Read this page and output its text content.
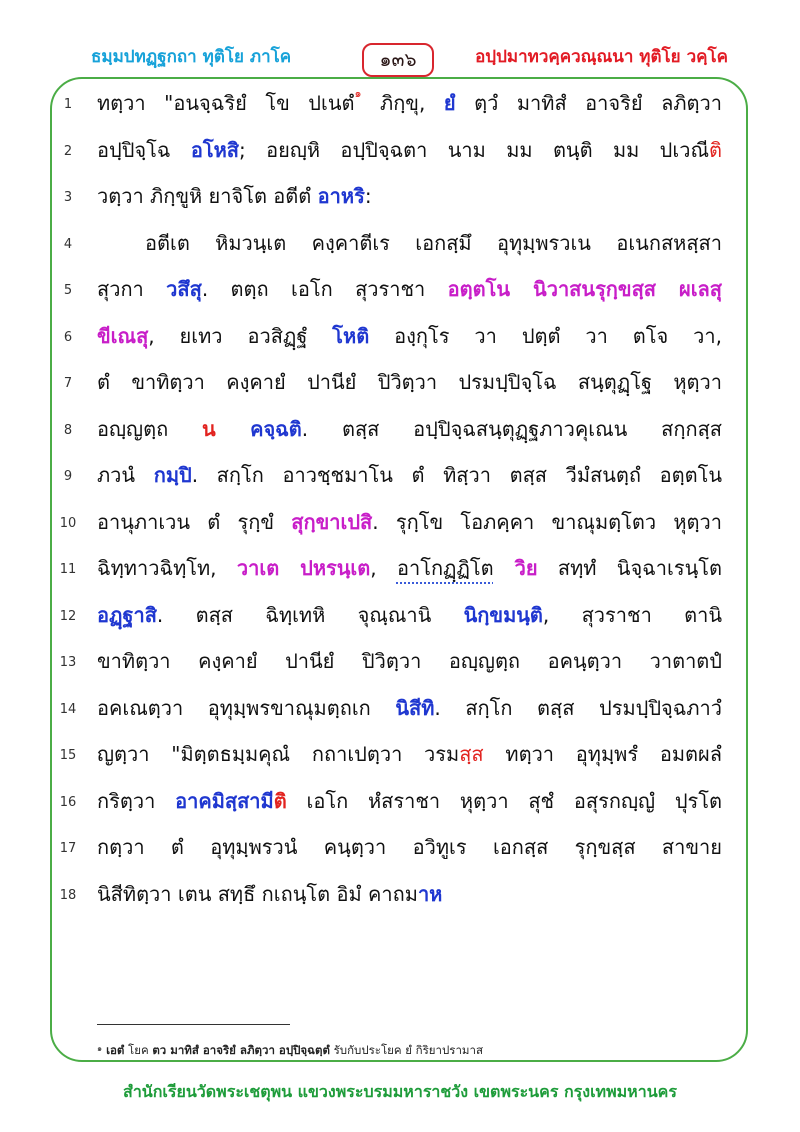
ธมฺมปทฏฺฐกถา ทุติโย ภาโค	๑๓๖	อปฺปมาทวคฺควณฺณนา ทุติโย วคฺโค
1	ทตฺวา "อนจฺฉริยํ โข ปเนตํ$^๑$ ภิกฺขุ, ยํ ตฺวํ มาทิสํ อาจริยํ ลภิตฺวา
2	อปฺปิจฺโฉ อโหสิ; อยญฺหิ อปฺปิจฺฉตา นาม มม ตนฺติ มม ปเวณีติ
3	วตฺวา ภิกฺขูหิ ยาจิโต อตีตํ อาหริ:
4	อตีเต หิมวนฺเต คงฺคาตีเร เอกสฺมึ อุทุมฺพรวเน อเนกสหสฺสา
5	สุวกา วสึสุ. ตตฺถ เอโก สุวราชา อตฺตโน นิวาสนรุกฺขสฺส ผเลสุ
6	ขีเณสุ, ยเทว อวสิฏฺฐํ โหติ องฺกุโร วา ปตฺตํ วา ตโจ วา,
7	ตํ ขาทิตฺวา คงฺคายํ ปานียํ ปิวิตฺวา ปรมปฺปิจฺโฉ สนฺตุฏฺโฐ หุตฺวา
8	อญฺญตฺถ น คจฺฉติ. ตสฺส อปฺปิจฺฉสนฺตุฏฺฐภาวคุเณน สกฺกสฺส
9	ภวนํ กมฺปิ. สกฺโก อาวชฺชมาโน ตํ ทิสฺวา ตสฺส วีมํสนตฺถํ อตฺตโน
10	อานุภาเวน ตํ รุกฺขํ สุกฺขาเปสิ. รุกฺโข โอภคฺคา ขาณุมตฺโตว หุตฺวา
11	ฉิทฺทาวฉิทฺโท, วาเต ปหรนฺเต, อาโกฏฺฏิโต วิย สทฺทํ นิจฺฉาเรนฺโต
12	อฏฺฐาสิ. ตสฺส ฉิทฺเทหิ จุณฺณานิ นิกฺขมนฺติ, สุวราชา ตานิ
13	ขาทิตฺวา คงฺคายํ ปานียํ ปิวิตฺวา อญฺญตฺถ อคนฺตฺวา วาตาตปํ
14	อคเณตฺวา อุทุมฺพรขาณุมตฺถเก นิสีทิ. สกฺโก ตสฺส ปรมปฺปิจฺฉภาวํ
15	ญตฺวา "มิตฺตธมฺมคุณํ กถาเปตฺวา วรมสฺส ทตฺวา อุทุมฺพรํ อมตผลํ
16	กริตฺวา อาคมิสฺสามีติ เอโก หํสราชา หุตฺวา สุชํ อสุรกญฺญํ ปุรโต
17	กตฺวา ตํ อุทุมฺพรวนํ คนฺตฺวา อวิทูเร เอกสฺส รุกฺขสฺส สาขาย
18	นิสีทิตฺวา เตน สทฺธึ กเถนฺโต อิมํ คาถมาห
$^๑$ เอตํ โยค ตว มาทิสํ อาจริยํ ลภิตฺวา อปฺปิจฺฉตฺตํ รับกับประโยค ยํ กิริยาปรามาส
สำนักเรียนวัดพระเชตุพน แขวงพระบรมมหาราชวัง เขตพระนคร กรุงเทพมหานคร
